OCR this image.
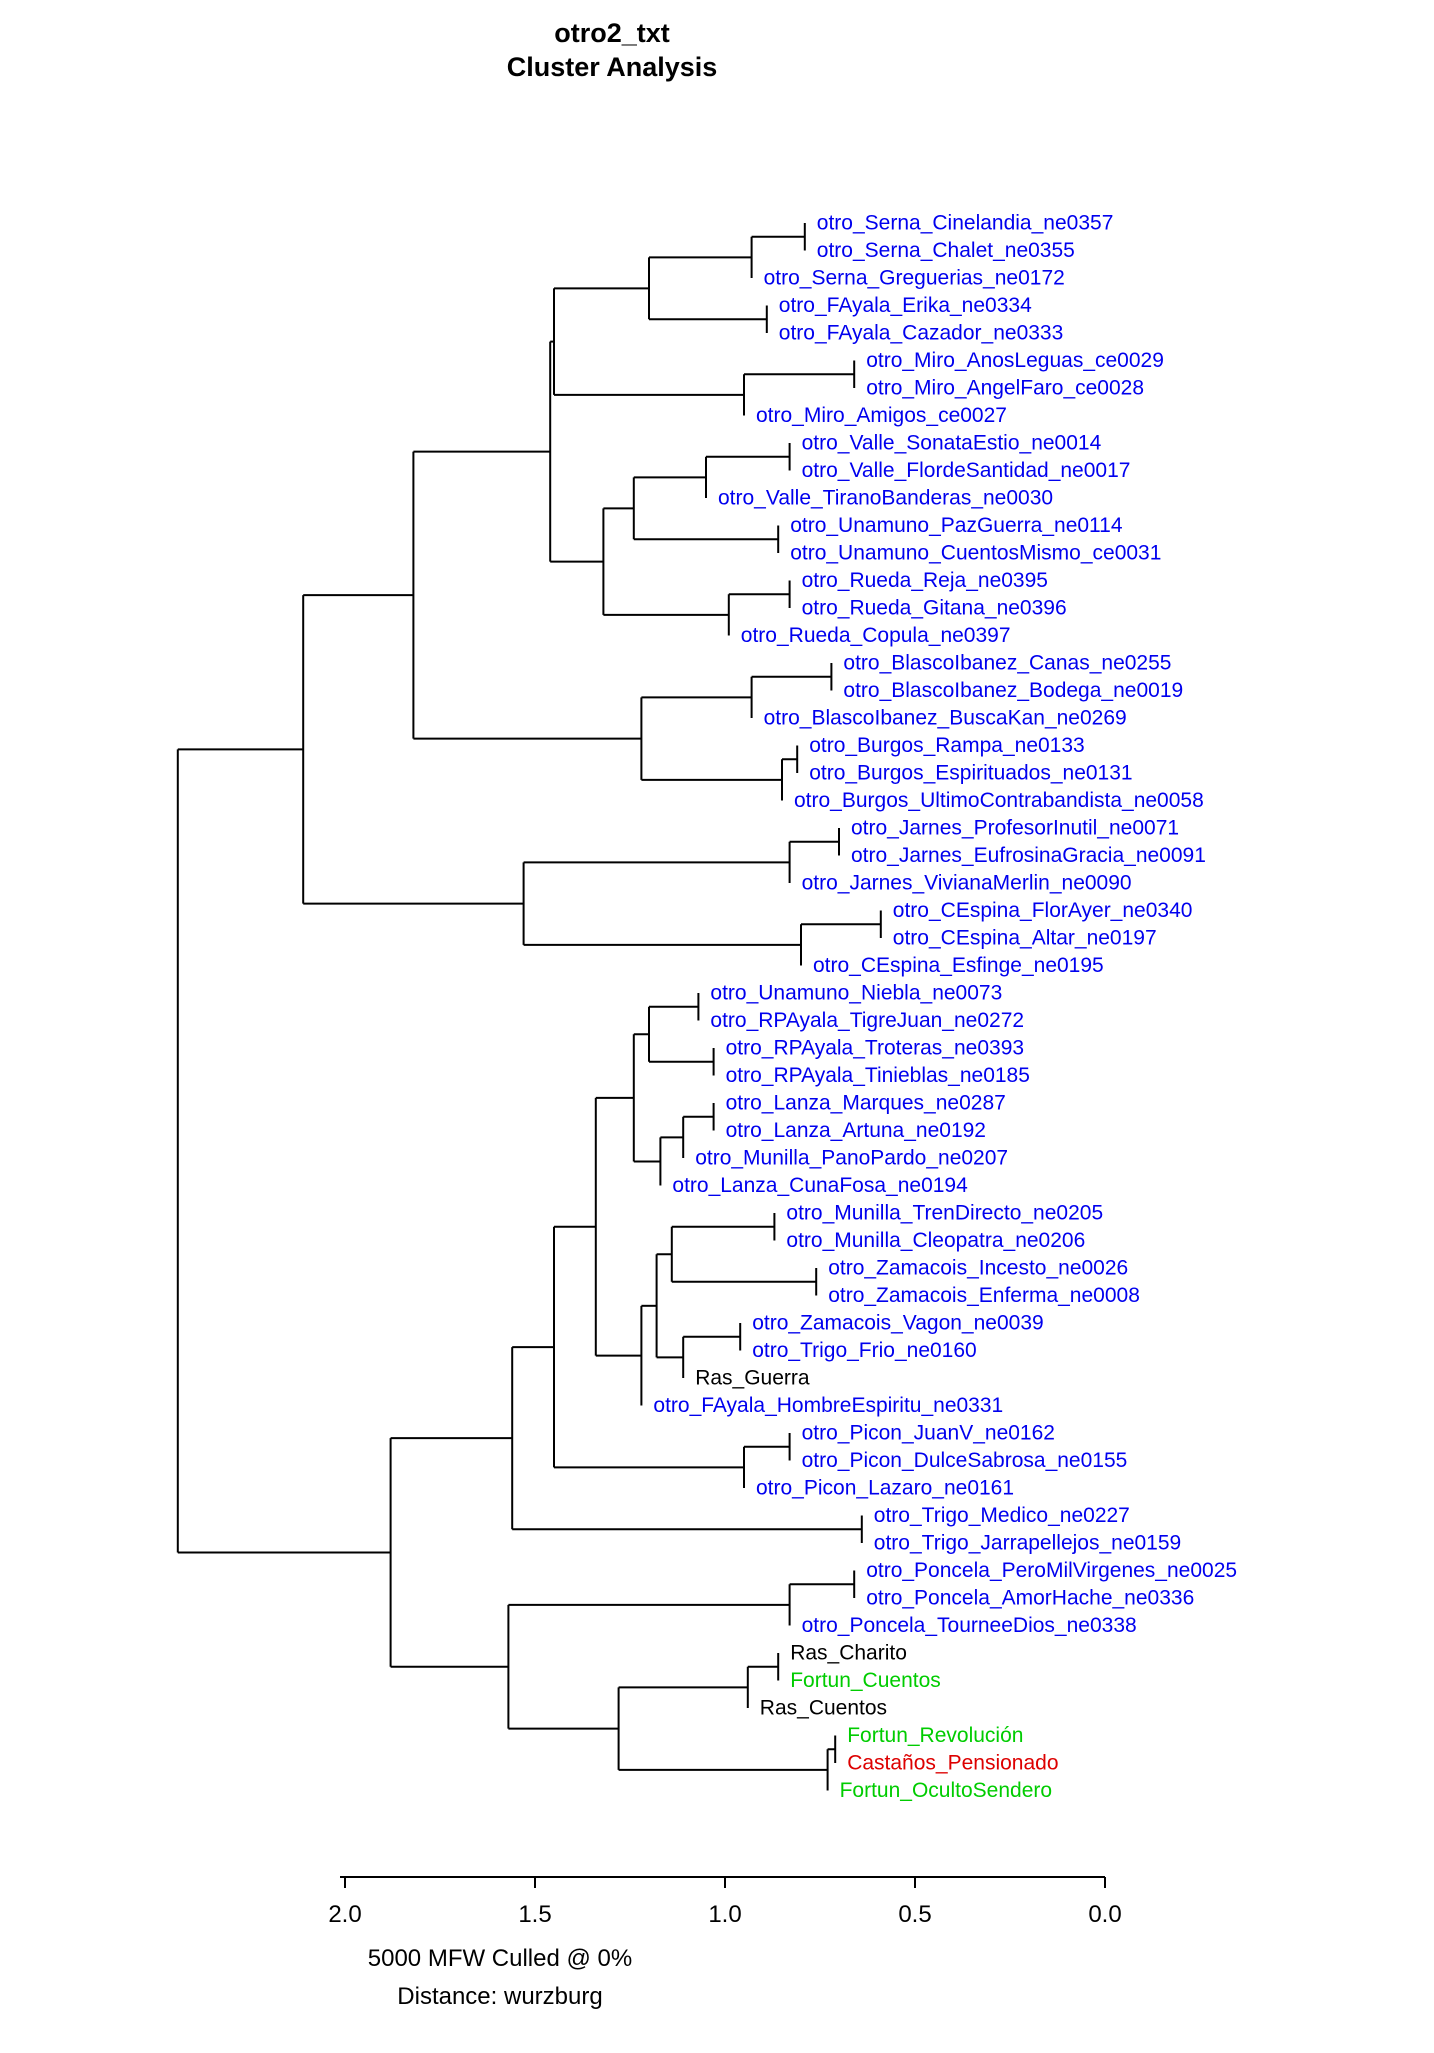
otro2_txt
Cluster Analysis
otro_Serna_Cinelandia_ne0357
otro_Serna_Chalet_ne0355
otro_Serna_Greguerias_ne0172
otro_FAyala_Erika_ne0334
otro_FAyala_Cazador_ne0333
otro_Miro_AnosLeguas_ce0029
otro_Miro_AngelFaro_ce0028
otro_Miro_Amigos_ce0027
otro_Valle_SonataEstio_ne0014
otro_Valle_FlordeSantidad_ne0017
otro_Valle_TiranoBanderas_ne0030
otro_Unamuno_PazGuerra_ne0114
otro_Unamuno_CuentosMismo_ce0031
otro_Rueda_Reja_ne0395
otro_Rueda_Gitana_ne0396
otro_Rueda_Copula_ne0397
otro_BlascoIbanez_Canas_ne0255
otro_BlascoIbanez_Bodega_ne0019
otro_BlascoIbanez_BuscaKan_ne0269
otro_Burgos_Rampa_ne0133
otro_Burgos_Espirituados_ne0131
otro_Burgos_UltimoContrabandista_ne0058
otro_Jarnes_ProfesorInutil_ne0071
otro_Jarnes_EufrosinaGracia_ne0091
otro_Jarnes_VivianaMerlin_ne0090
otro_CEspina_FlorAyer_ne0340
otro_CEspina_Altar_ne0197
otro_CEspina_Esfinge_ne0195
otro_Unamuno_Niebla_ne0073
otro_RPAyala_TigreJuan_ne0272
otro_RPAyala_Troteras_ne0393
otro_RPAyala_Tinieblas_ne0185
otro_Lanza_Marques_ne0287
otro_Lanza_Artuna_ne0192
otro_Munilla_PanoPardo_ne0207
otro_Lanza_CunaFosa_ne0194
otro_Munilla_TrenDirecto_ne0205
otro_Munilla_Cleopatra_ne0206
otro_Zamacois_Incesto_ne0026
otro_Zamacois_Enferma_ne0008
otro_Zamacois_Vagon_ne0039
otro_Trigo_Frio_ne0160
Ras_Guerra
otro_FAyala_HombreEspiritu_ne0331
otro_Picon_JuanV_ne0162
otro_Picon_DulceSabrosa_ne0155
otro_Picon_Lazaro_ne0161
otro_Trigo_Medico_ne0227
otro_Trigo_Jarrapellejos_ne0159
otro_Poncela_PeroMilVirgenes_ne0025
otro_Poncela_AmorHache_ne0336
otro_Poncela_TourneeDios_ne0338
Ras_Charito
Fortun_Cuentos
Ras_Cuentos
Fortun_Revolución
Castaños_Pensionado
Fortun_OcultoSendero
2.0	1.5	1.0	0.5	0.0
5000 MFW Culled @ 0%
Distance: wurzburg
